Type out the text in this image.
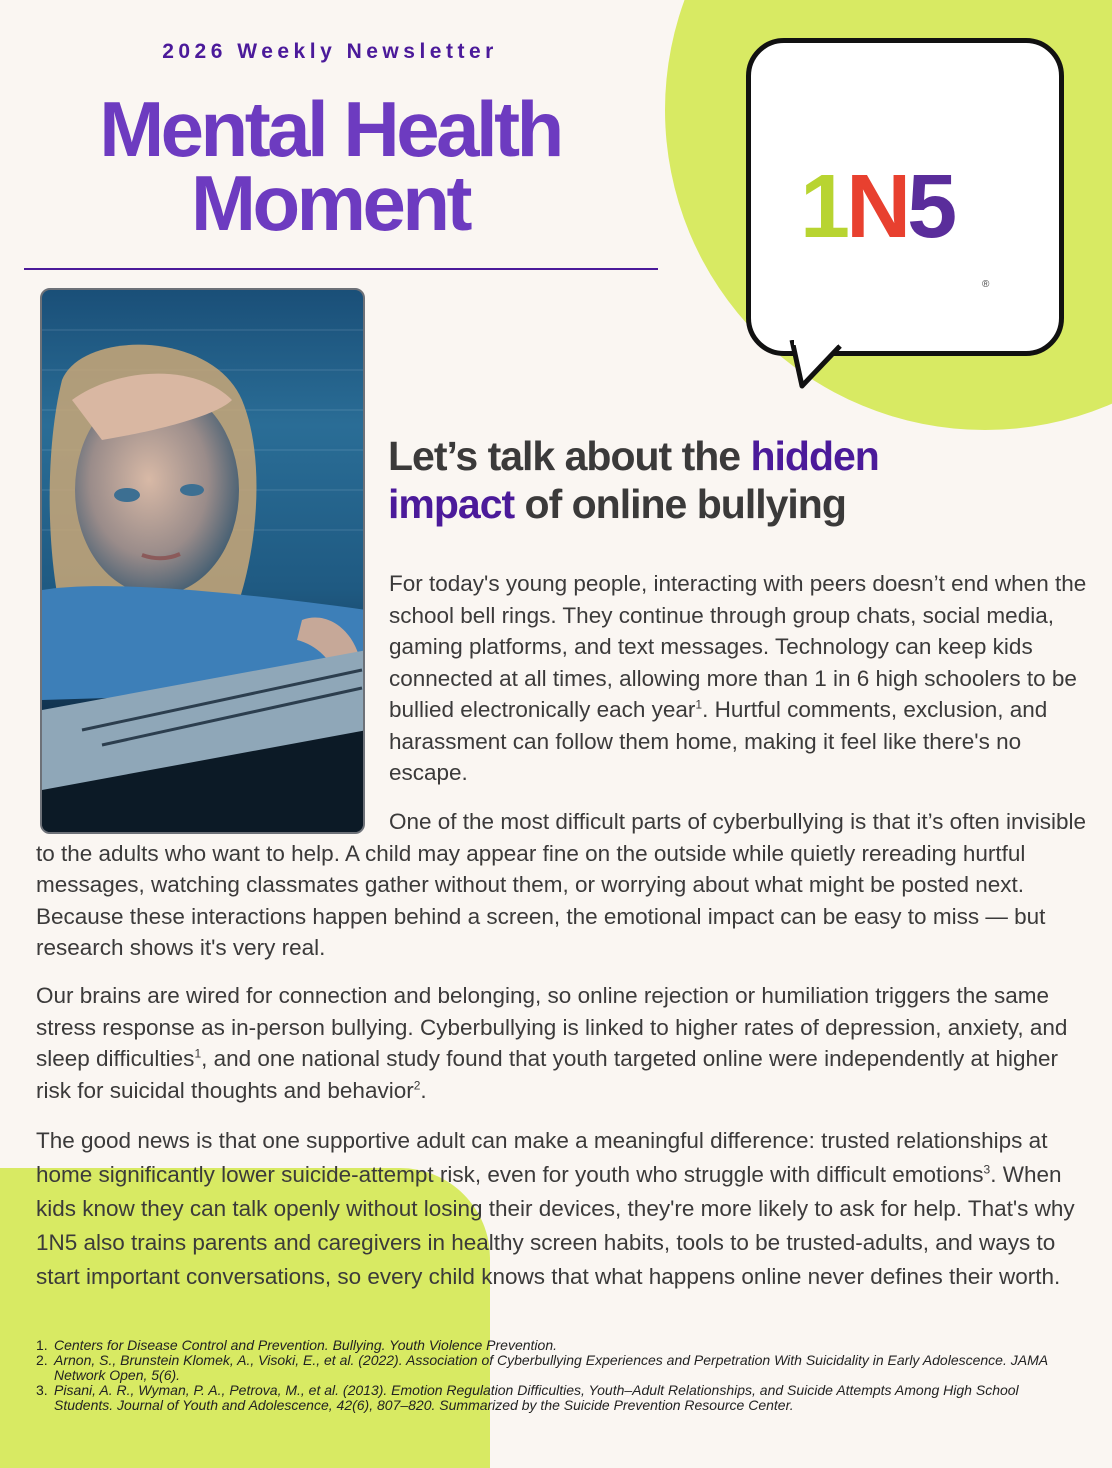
2026 Weekly Newsletter
Mental Health
Moment	1N5
®
Let’s talk about the hidden
impact of online bullying

For today's young people, interacting with peers doesn’t end when the school bell rings. They continue through group chats, social media, gaming platforms, and text messages. Technology can keep kids connected at all times, allowing more than 1 in 6 high schoolers to be bullied electronically each year$^1$. Hurtful comments, exclusion, and harassment can follow them home, making it feel like there's no escape.

One of the most difficult parts of cyberbullying is that it’s often invisible to the adults who want to help. A child may appear fine on the outside while quietly rereading hurtful messages, watching classmates gather without them, or worrying about what might be posted next. Because these interactions happen behind a screen, the emotional impact can be easy to miss — but research shows it's very real.

Our brains are wired for connection and belonging, so online rejection or humiliation triggers the same stress response as in-person bullying. Cyberbullying is linked to higher rates of depression, anxiety, and sleep difficulties$^1$, and one national study found that youth targeted online were independently at higher risk for suicidal thoughts and behavior$^2$.

The good news is that one supportive adult can make a meaningful difference: trusted relationships at home significantly lower suicide-attempt risk, even for youth who struggle with difficult emotions$^3$. When kids know they can talk openly without losing their devices, they're more likely to ask for help. That's why 1N5 also trains parents and caregivers in healthy screen habits, tools to be trusted-adults, and ways to start important conversations, so every child knows that what happens online never defines their worth.

1. Centers for Disease Control and Prevention. Bullying. Youth Violence Prevention.
2. Arnon, S., Brunstein Klomek, A., Visoki, E., et al. (2022). Association of Cyberbullying Experiences and Perpetration With Suicidality in Early Adolescence. JAMA Network Open, 5(6).
3. Pisani, A. R., Wyman, P. A., Petrova, M., et al. (2013). Emotion Regulation Difficulties, Youth–Adult Relationships, and Suicide Attempts Among High School Students. Journal of Youth and Adolescence, 42(6), 807–820. Summarized by the Suicide Prevention Resource Center.
